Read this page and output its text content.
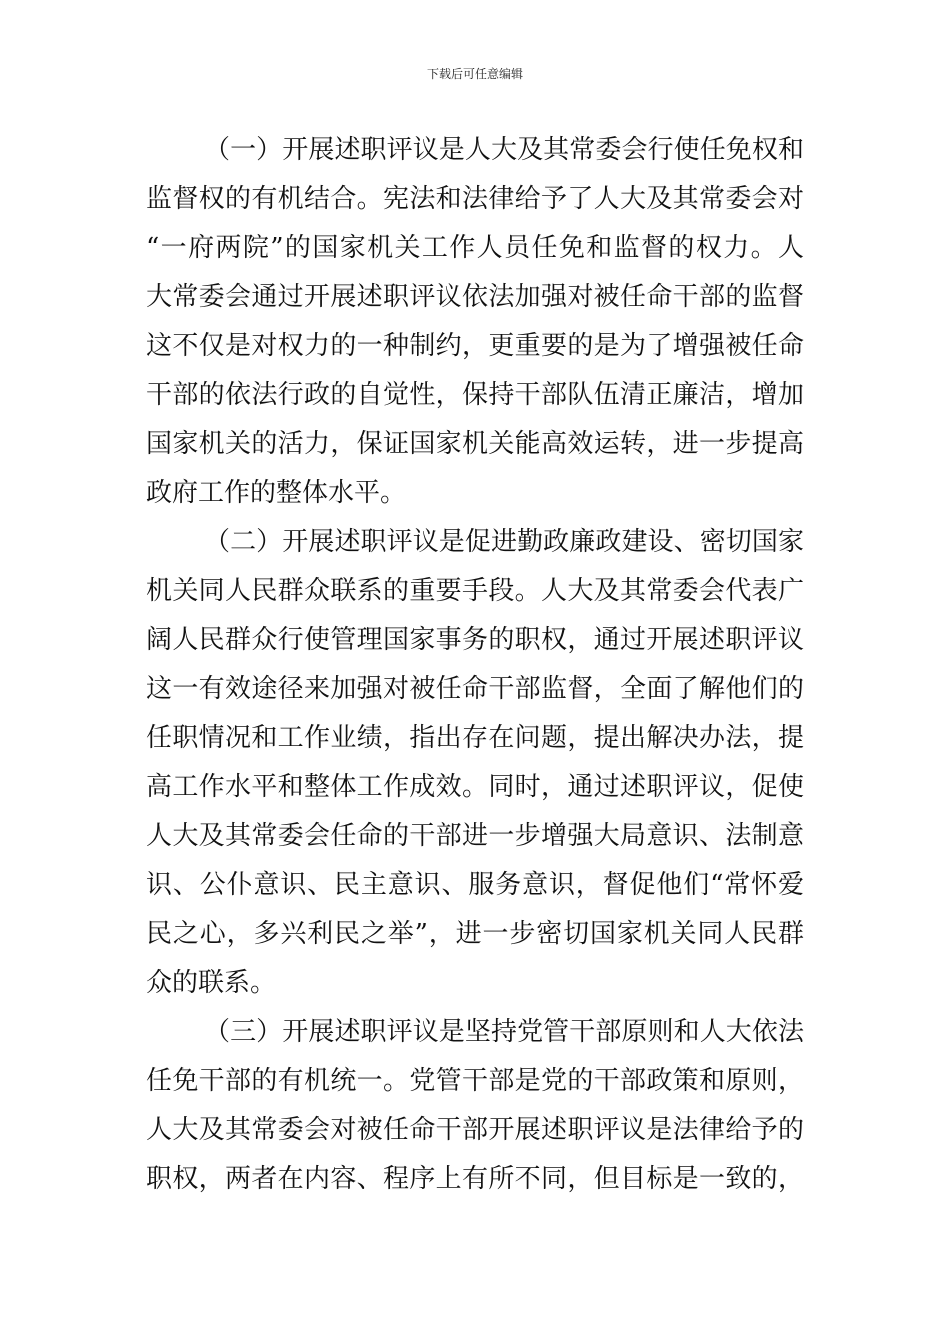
下载后可任意编辑
（一）开展述职评议是人大及其常委会行使任免权和
监督权的有机结合。宪法和法律给予了人大及其常委会对
“一府两院”的国家机关工作人员任免和监督的权力。人
大常委会通过开展述职评议依法加强对被任命干部的监督
这不仅是对权力的一种制约，更重要的是为了增强被任命
干部的依法行政的自觉性，保持干部队伍清正廉洁，增加
国家机关的活力，保证国家机关能高效运转，进一步提高
政府工作的整体水平。
（二）开展述职评议是促进勤政廉政建设、密切国家
机关同人民群众联系的重要手段。人大及其常委会代表广
阔人民群众行使管理国家事务的职权，通过开展述职评议
这一有效途径来加强对被任命干部监督，全面了解他们的
任职情况和工作业绩，指出存在问题，提出解决办法，提
高工作水平和整体工作成效。同时，通过述职评议，促使
人大及其常委会任命的干部进一步增强大局意识、法制意
识、公仆意识、民主意识、服务意识，督促他们“常怀爱
民之心，多兴利民之举”，进一步密切国家机关同人民群
众的联系。
（三）开展述职评议是坚持党管干部原则和人大依法
任免干部的有机统一。党管干部是党的干部政策和原则，
人大及其常委会对被任命干部开展述职评议是法律给予的
职权，两者在内容、程序上有所不同，但目标是一致的，
